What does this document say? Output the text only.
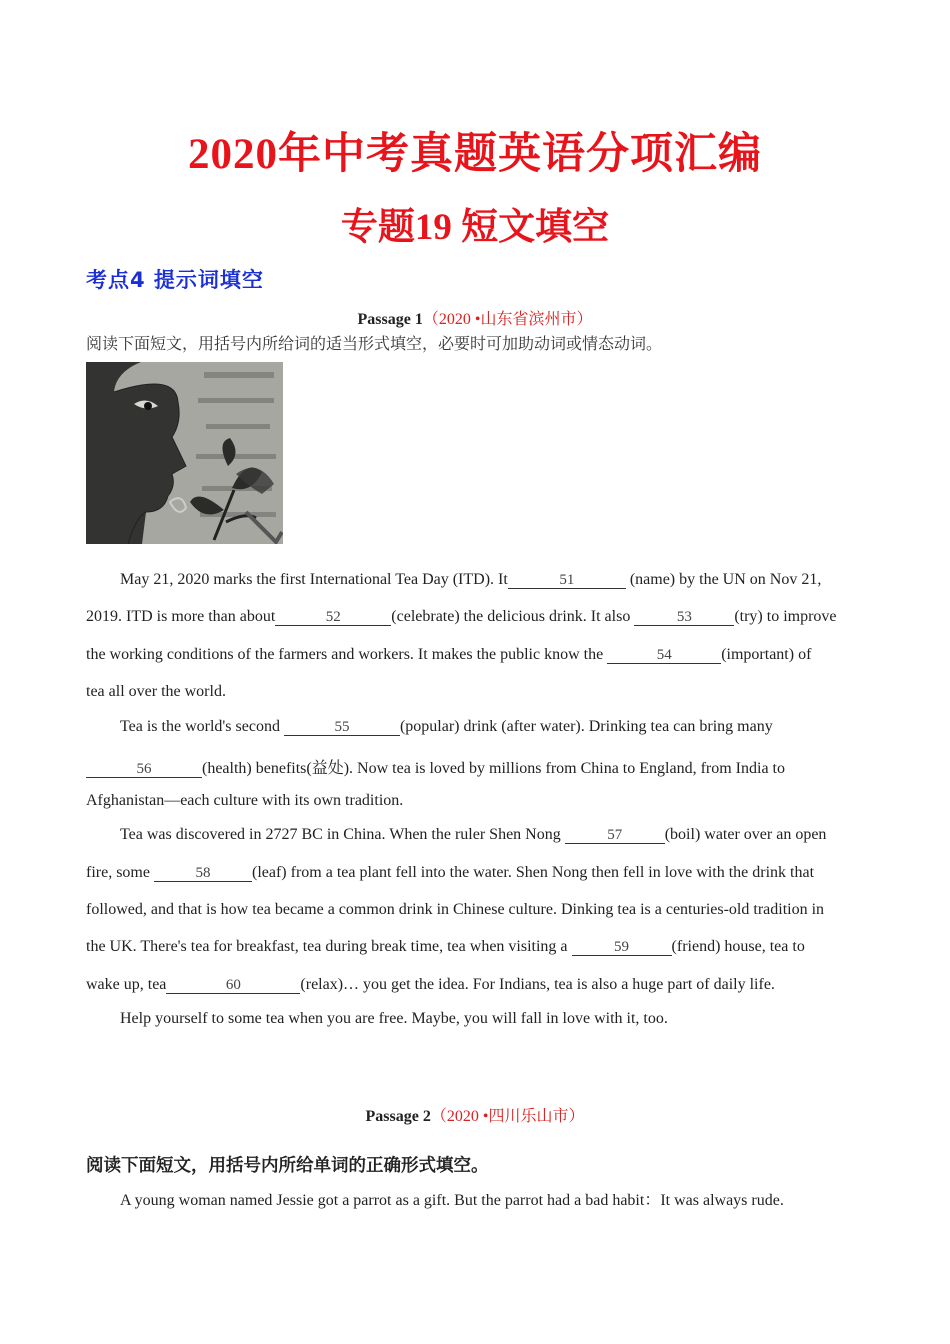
2020年中考真题英语分项汇编
专题19 短文填空
考点4 提示词填空
Passage 1（2020 •山东省滨州市）
阅读下面短文，用括号内所给词的适当形式填空，必要时可加助动词或情态动词。
May 21, 2020 marks the first International Tea Day (ITD). It	51	(name) by the UN on Nov 21,
2019. ITD is more than about	52	(celebrate) the delicious drink. It also	53	(try) to improve
the working conditions of the farmers and workers. It makes the public know the	54	(important) of
tea all over the world.
Tea is the world's second	55	(popular) drink (after water). Drinking tea can bring many
56	(health) benefits(益处). Now tea is loved by millions from China to England, from India to
Afghanistan—each culture with its own tradition.
Tea was discovered in 2727 BC in China. When the ruler Shen Nong	57	(boil) water over an open
fire, some	58	(leaf) from a tea plant fell into the water. Shen Nong then fell in love with the drink that
followed, and that is how tea became a common drink in Chinese culture. Dinking tea is a centuries-old tradition in
the UK. There's tea for breakfast, tea during break time, tea when visiting a	59	(friend) house, tea to
wake up, tea	60	(relax)… you get the idea. For Indians, tea is also a huge part of daily life.
Help yourself to some tea when you are free. Maybe, you will fall in love with it, too.
Passage 2（2020 •四川乐山市）
阅读下面短文，用括号内所给单词的正确形式填空。
A young woman named Jessie got a parrot as a gift. But the parrot had a bad habit：It was always rude.
